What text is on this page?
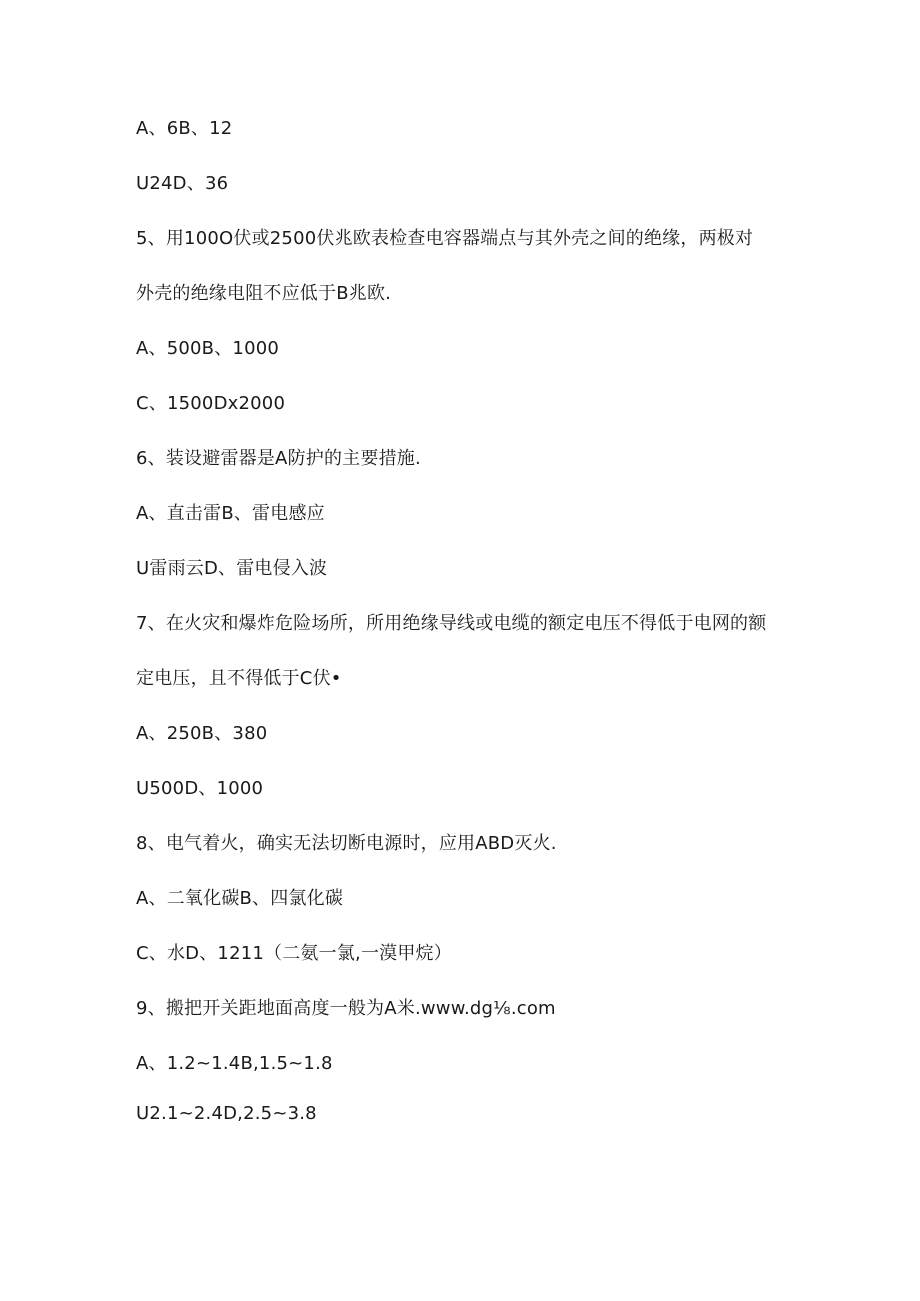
A、6B、12

U24D、36

5、用100O伏或2500伏兆欧表检查电容器端点与其外壳之间的绝缘，两极对

外壳的绝缘电阻不应低于B兆欧.

A、500B、1000

C、1500Dx2000

6、装设避雷器是A防护的主要措施.

A、直击雷B、雷电感应

U雷雨云D、雷电侵入波

7、在火灾和爆炸危险场所，所用绝缘导线或电缆的额定电压不得低于电网的额

定电压，且不得低于C伏•

A、250B、380

U500D、1000

8、电气着火，确实无法切断电源时，应用ABD灭火.

A、二氧化碳B、四氯化碳

C、水D、1211（二氨一氯,一漠甲烷）

9、搬把开关距地面高度一般为A米.www.dg⅛.com

A、1.2~1.4B,1.5~1.8

U2.1~2.4D,2.5~3.8
